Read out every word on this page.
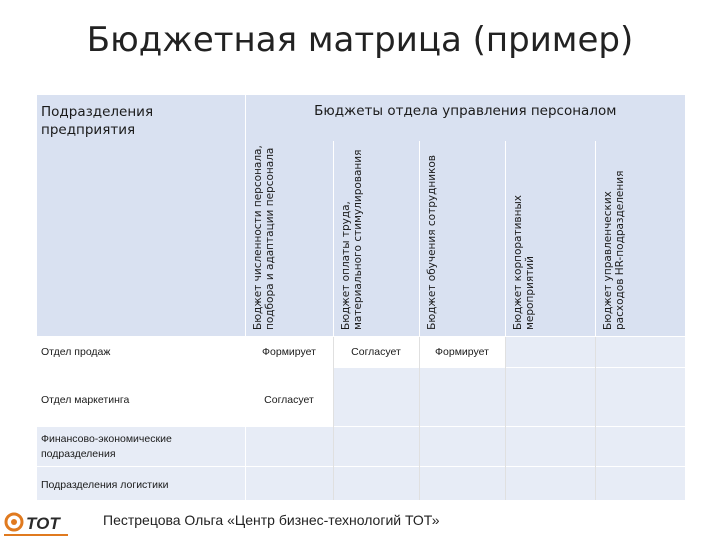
Бюджетная матрица (пример)
Подразделения предприятия	Бюджеты отдела управления персоналом				

	Бюджет численности персонала, подбора и адаптации персонала	Бюджет оплаты труда, материального стимулирования	Бюджет обучения сотрудников	Бюджет корпоративных мероприятий	Бюджет управленческих расходов HR-подразделения

Отдел продаж	Формирует	Согласует	Формирует		
Отдел маркетинга	Согласует				
Финансово-экономические подразделения					
Подразделения логистики					
ТОТ	Пестрецова Ольга «Центр бизнес-технологий ТОТ»
